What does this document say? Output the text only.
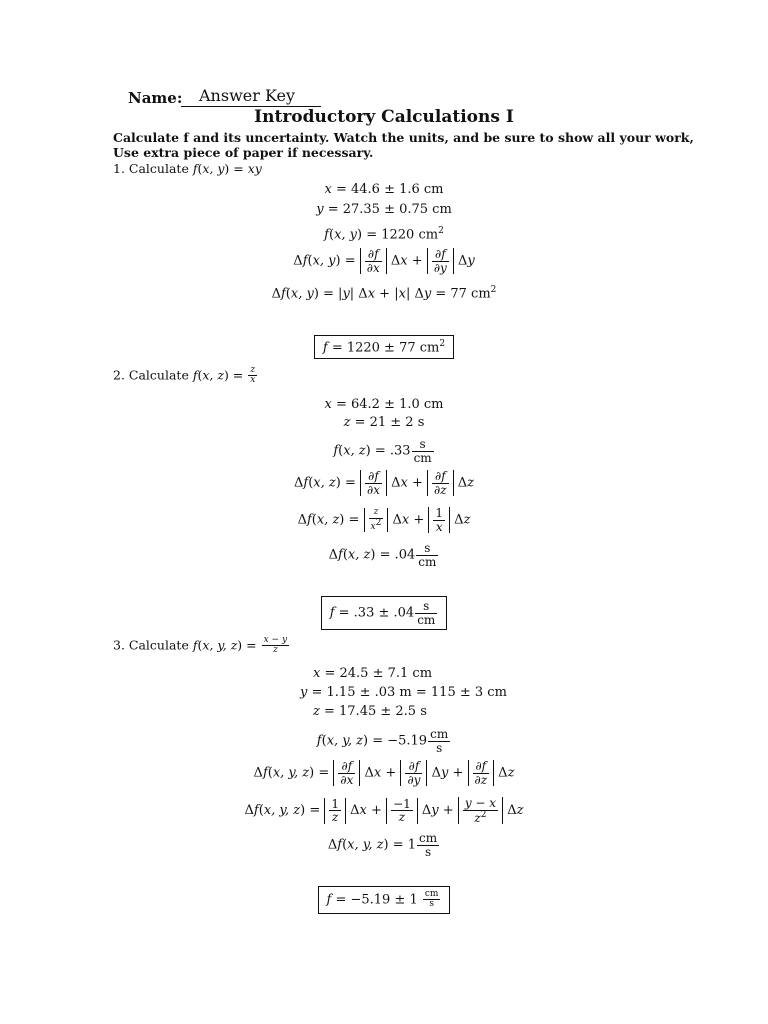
Name: Answer Key
Introductory Calculations I
Calculate f and its uncertainty. Watch the units, and be sure to show all your work,
Use extra piece of paper if necessary.
1. Calculate f(x, y) = xy
x = 44.6 ± 1.6 cm
y = 27.35 ± 0.75 cm
f(x, y) = 1220 $cm^2$
Δf(x, $y) = \frac{\partial f}{\partial x}$ $\Delta x + \frac{\partial f}{\partial y}$ Δy
Δf(x, y) = |y| Δx + |x| Δy = 77 $cm^2$
f = 1220 ± 77 $cm^2$
2. Calculate f(x, $z) = \frac{z}{x}$
x = 64.2 ± 1.0 cm
z = 21 ± 2 s
f(x, $z) = .33 \frac{s}{cm}$
Δf(x, $z) = \frac{\partial f}{\partial x}$ $\Delta x + \frac{\partial f}{\partial z}$ Δz
Δf(x, $z) = \frac{z}{x^2}$ $\Delta x + \frac{1}{x}$ Δz
Δf(x, $z) = .04 \frac{s}{cm}$
$f = .33 \pm .04 \frac{s}{cm}$
3. Calculate f(x, y, $z) = \frac{x - y}{z}$
x = 24.5 ± 7.1 cm
y = 1.15 ± .03 m = 115 ± 3 cm
z = 17.45 ± 2.5 s
f(x, y, $z) = -5.19 \frac{cm}{s}$
Δf(x, y, $z) = \frac{\partial f}{\partial x}$ $\Delta x + \frac{\partial f}{\partial y}$ $\Delta y + \frac{\partial f}{\partial z}$ Δz
Δf(x, y, $z) = \frac{1}{z}$ $\Delta x + \frac{-1}{z}$ $\Delta y + \frac{y - x}{z^2}$ Δz
Δf(x, y, $z) = 1 \frac{cm}{s}$
$f = -5.19 \pm 1 \frac{cm}{s}$
